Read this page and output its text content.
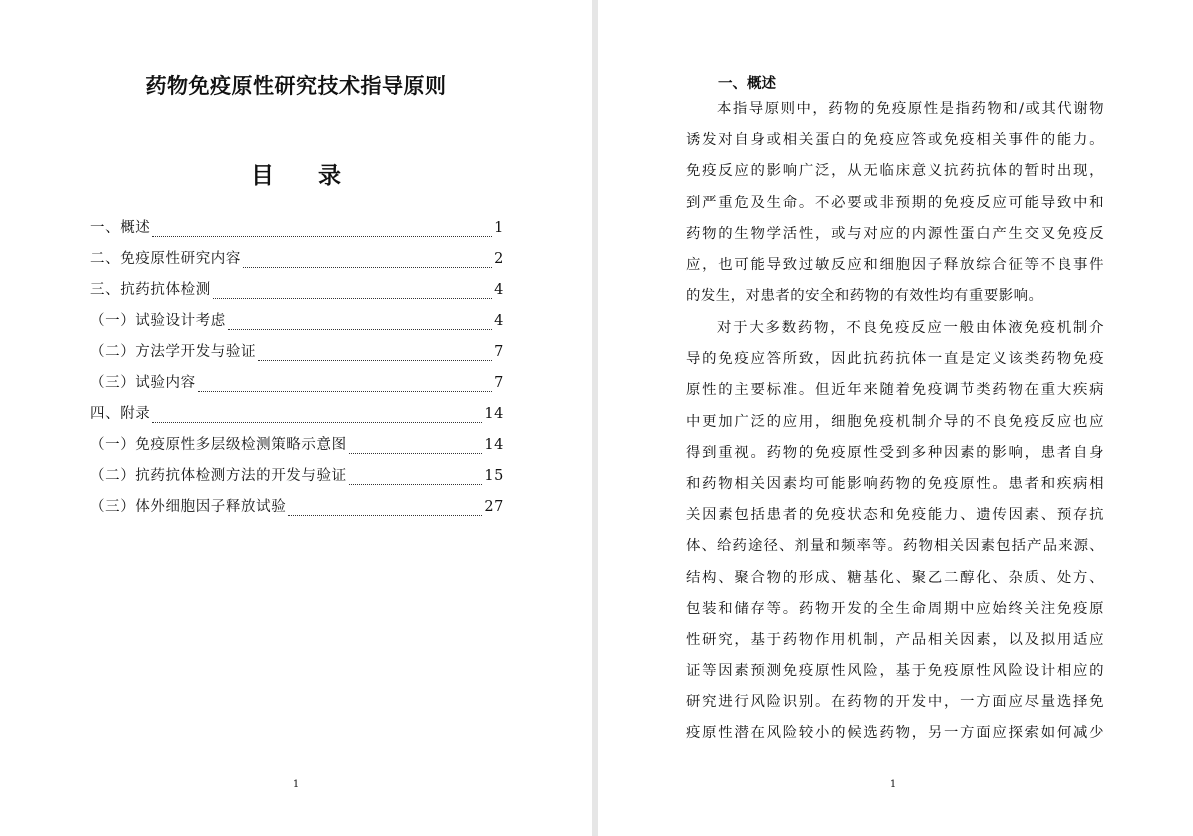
药物免疫原性研究技术指导原则
目 录
一、概述	1
二、免疫原性研究内容	2
三、抗药抗体检测	4
（一）试验设计考虑	4
（二）方法学开发与验证	7
（三）试验内容	7
四、附录	14
（一）免疫原性多层级检测策略示意图	14
（二）抗药抗体检测方法的开发与验证	15
（三）体外细胞因子释放试验	27
1
一、概述
本指导原则中，药物的免疫原性是指药物和/或其代谢物
诱发对自身或相关蛋白的免疫应答或免疫相关事件的能力。
免疫反应的影响广泛，从无临床意义抗药抗体的暂时出现，
到严重危及生命。不必要或非预期的免疫反应可能导致中和
药物的生物学活性，或与对应的内源性蛋白产生交叉免疫反
应，也可能导致过敏反应和细胞因子释放综合征等不良事件
的发生，对患者的安全和药物的有效性均有重要影响。
对于大多数药物，不良免疫反应一般由体液免疫机制介
导的免疫应答所致，因此抗药抗体一直是定义该类药物免疫
原性的主要标准。但近年来随着免疫调节类药物在重大疾病
中更加广泛的应用，细胞免疫机制介导的不良免疫反应也应
得到重视。药物的免疫原性受到多种因素的影响，患者自身
和药物相关因素均可能影响药物的免疫原性。患者和疾病相
关因素包括患者的免疫状态和免疫能力、遗传因素、预存抗
体、给药途径、剂量和频率等。药物相关因素包括产品来源、
结构、聚合物的形成、糖基化、聚乙二醇化、杂质、处方、
包装和储存等。药物开发的全生命周期中应始终关注免疫原
性研究，基于药物作用机制，产品相关因素，以及拟用适应
证等因素预测免疫原性风险，基于免疫原性风险设计相应的
研究进行风险识别。在药物的开发中，一方面应尽量选择免
疫原性潜在风险较小的候选药物，另一方面应探索如何减少
1
